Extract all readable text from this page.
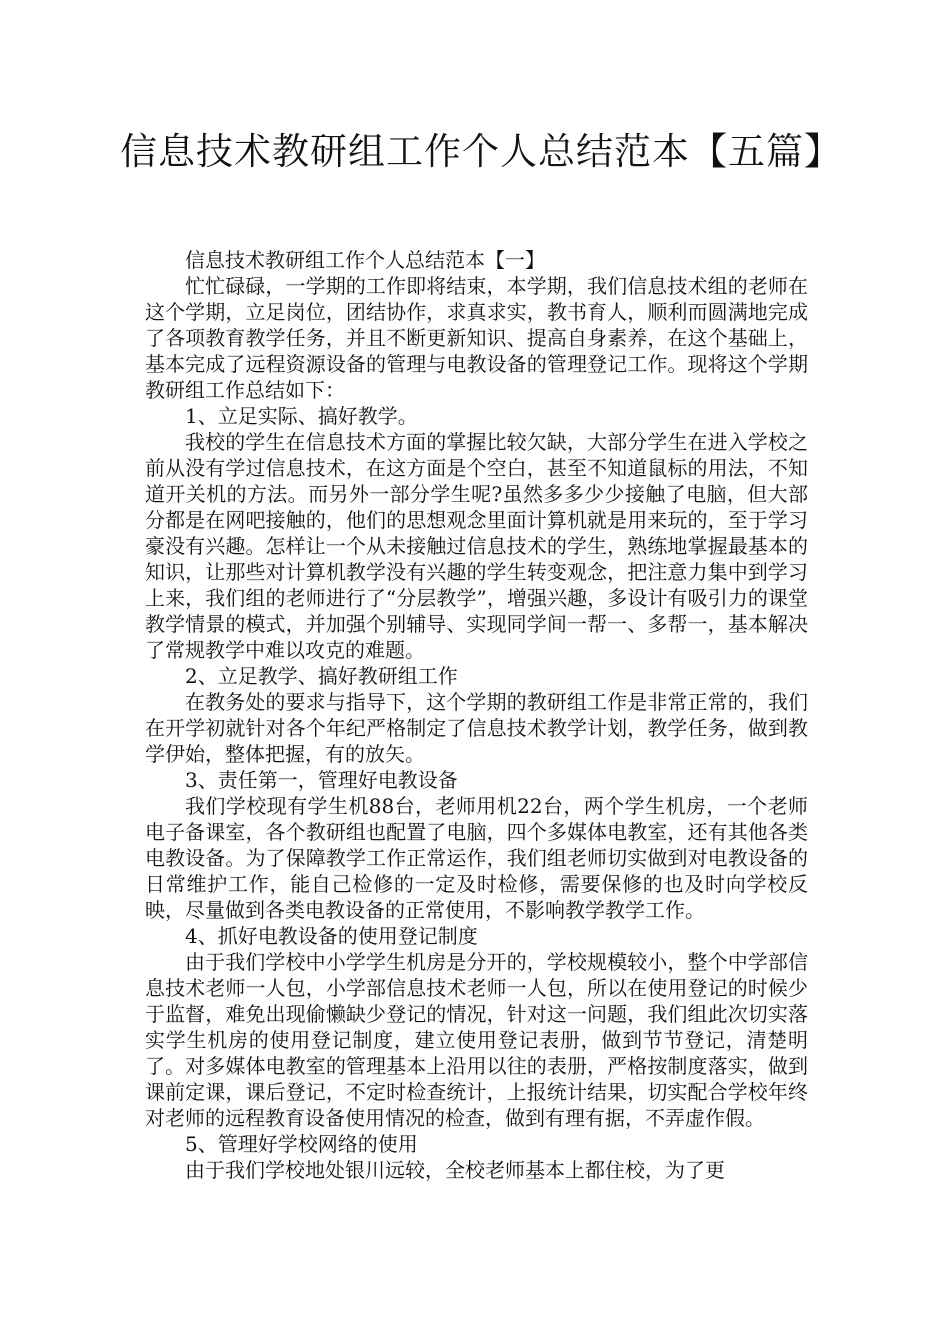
信息技术教研组工作个人总结范本【五篇】

信息技术教研组工作个人总结范本【一】

忙忙碌碌，一学期的工作即将结束，本学期，我们信息技术组的老师在这个学期，立足岗位，团结协作，求真求实，教书育人，顺利而圆满地完成了各项教育教学任务，并且不断更新知识、提高自身素养，在这个基础上，基本完成了远程资源设备的管理与电教设备的管理登记工作。现将这个学期教研组工作总结如下：

1、立足实际、搞好教学。

我校的学生在信息技术方面的掌握比较欠缺，大部分学生在进入学校之前从没有学过信息技术，在这方面是个空白，甚至不知道鼠标的用法，不知道开关机的方法。而另外一部分学生呢?虽然多多少少接触了电脑，但大部分都是在网吧接触的，他们的思想观念里面计算机就是用来玩的，至于学习豪没有兴趣。怎样让一个从未接触过信息技术的学生，熟练地掌握最基本的知识，让那些对计算机教学没有兴趣的学生转变观念，把注意力集中到学习上来，我们组的老师进行了“分层教学”，增强兴趣，多设计有吸引力的课堂教学情景的模式，并加强个别辅导、实现同学间一帮一、多帮一，基本解决了常规教学中难以攻克的难题。

2、立足教学、搞好教研组工作

在教务处的要求与指导下，这个学期的教研组工作是非常正常的，我们在开学初就针对各个年纪严格制定了信息技术教学计划，教学任务，做到教学伊始，整体把握，有的放矢。

3、责任第一，管理好电教设备

我们学校现有学生机88台，老师用机22台，两个学生机房，一个老师电子备课室，各个教研组也配置了电脑，四个多媒体电教室，还有其他各类电教设备。为了保障教学工作正常运作，我们组老师切实做到对电教设备的日常维护工作，能自己检修的一定及时检修，需要保修的也及时向学校反映，尽量做到各类电教设备的正常使用，不影响教学教学工作。

4、抓好电教设备的使用登记制度

由于我们学校中小学学生机房是分开的，学校规模较小，整个中学部信息技术老师一人包，小学部信息技术老师一人包，所以在使用登记的时候少于监督，难免出现偷懒缺少登记的情况，针对这一问题，我们组此次切实落实学生机房的使用登记制度，建立使用登记表册，做到节节登记，清楚明了。对多媒体电教室的管理基本上沿用以往的表册，严格按制度落实，做到课前定课，课后登记，不定时检查统计，上报统计结果，切实配合学校年终对老师的远程教育设备使用情况的检查，做到有理有据，不弄虚作假。

5、管理好学校网络的使用

由于我们学校地处银川远较，全校老师基本上都住校，为了更
